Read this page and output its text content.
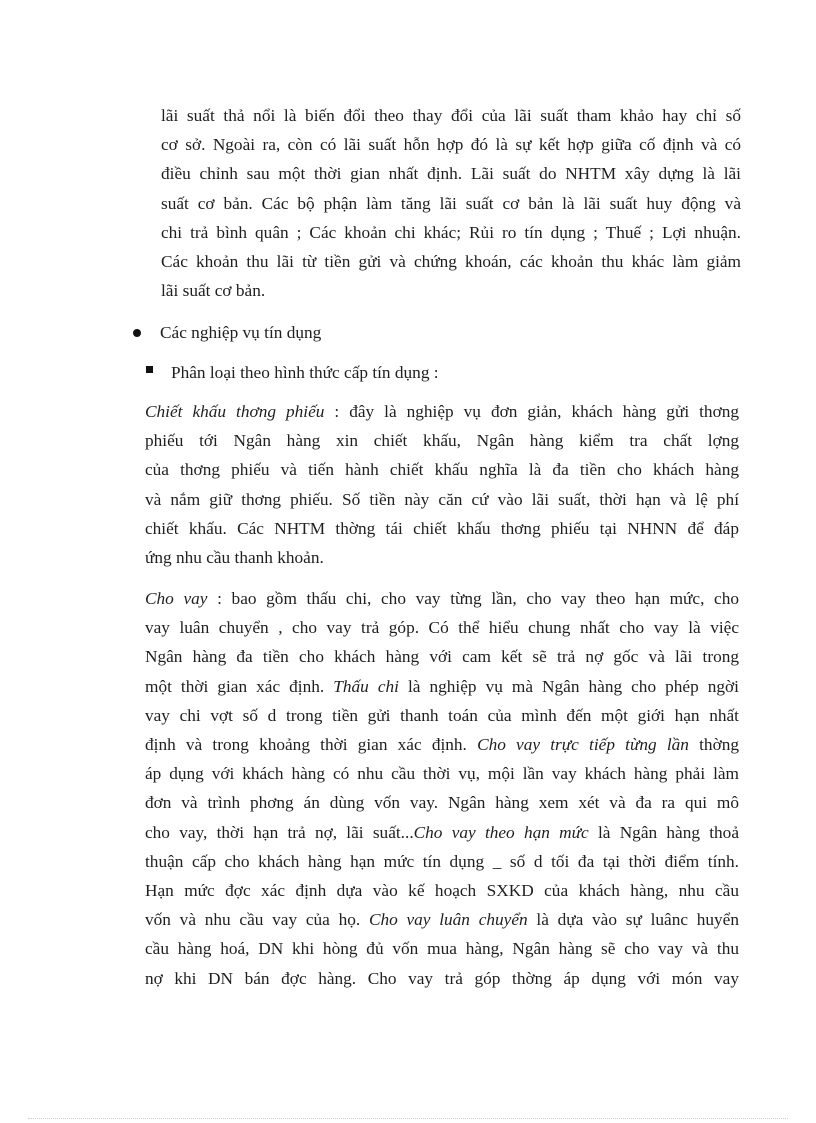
lãi suất thả nổi là biến đổi theo thay đổi của lãi suất tham khảo hay chỉ số
cơ sở. Ngoài ra, còn có lãi suất hỗn hợp đó là sự kết hợp giữa cố định và có
điều chỉnh sau một thời gian nhất định. Lãi suất do NHTM xây dựng là lãi
suất cơ bản. Các bộ phận làm tăng lãi suất cơ bản là lãi suất huy động và
chi trả bình quân ; Các khoản chi khác; Rủi ro tín dụng ; Thuế ; Lợi nhuận.
Các khoản thu lãi từ tiền gửi và chứng khoán, các khoản thu khác làm giảm
lãi suất cơ bản.
Các nghiệp vụ tín dụng
Phân loại theo hình thức cấp tín dụng :
Chiết khấu thơng phiếu : đây là nghiệp vụ đơn giản, khách hàng gửi thơng
phiếu tới Ngân hàng xin chiết khấu, Ngân hàng kiểm tra chất lợng
của thơng phiếu và tiến hành chiết khấu nghĩa là đa tiền cho khách hàng
và nắm giữ thơng phiếu. Số tiền này căn cứ vào lãi suất, thời hạn và lệ phí
chiết khấu. Các NHTM thờng tái chiết khấu thơng phiếu tại NHNN để đáp
ứng nhu cầu thanh khoản.
Cho vay : bao gồm thấu chi, cho vay từng lần, cho vay theo hạn mức, cho
vay luân chuyển , cho vay trả góp. Có thể hiểu chung nhất cho vay là việc
Ngân hàng đa tiền cho khách hàng với cam kết sẽ trả nợ gốc và lãi trong
một thời gian xác định. Thấu chi là nghiệp vụ mà Ngân hàng cho phép ngời
vay chi vợt số d trong tiền gửi thanh toán của mình đến một giới hạn nhất
định và trong khoảng thời gian xác định. Cho vay trực tiếp từng lần thờng
áp dụng với khách hàng có nhu cầu thời vụ, mội lần vay khách hàng phải làm
đơn và trình phơng án dùng vốn vay. Ngân hàng xem xét và đa ra qui mô
cho vay, thời hạn trả nợ, lãi suất...Cho vay theo hạn mức là Ngân hàng thoả
thuận cấp cho khách hàng hạn mức tín dụng _ số d tối đa tại thời điểm tính.
Hạn mức đợc xác định dựa vào kế hoạch SXKD của khách hàng, nhu cầu
vốn và nhu cầu vay của họ. Cho vay luân chuyển là dựa vào sự luânc huyển
cầu hàng hoá, DN khi hòng đủ vốn mua hàng, Ngân hàng sẽ cho vay và thu
nợ khi DN bán đợc hàng. Cho vay trả góp thờng áp dụng với món vay
